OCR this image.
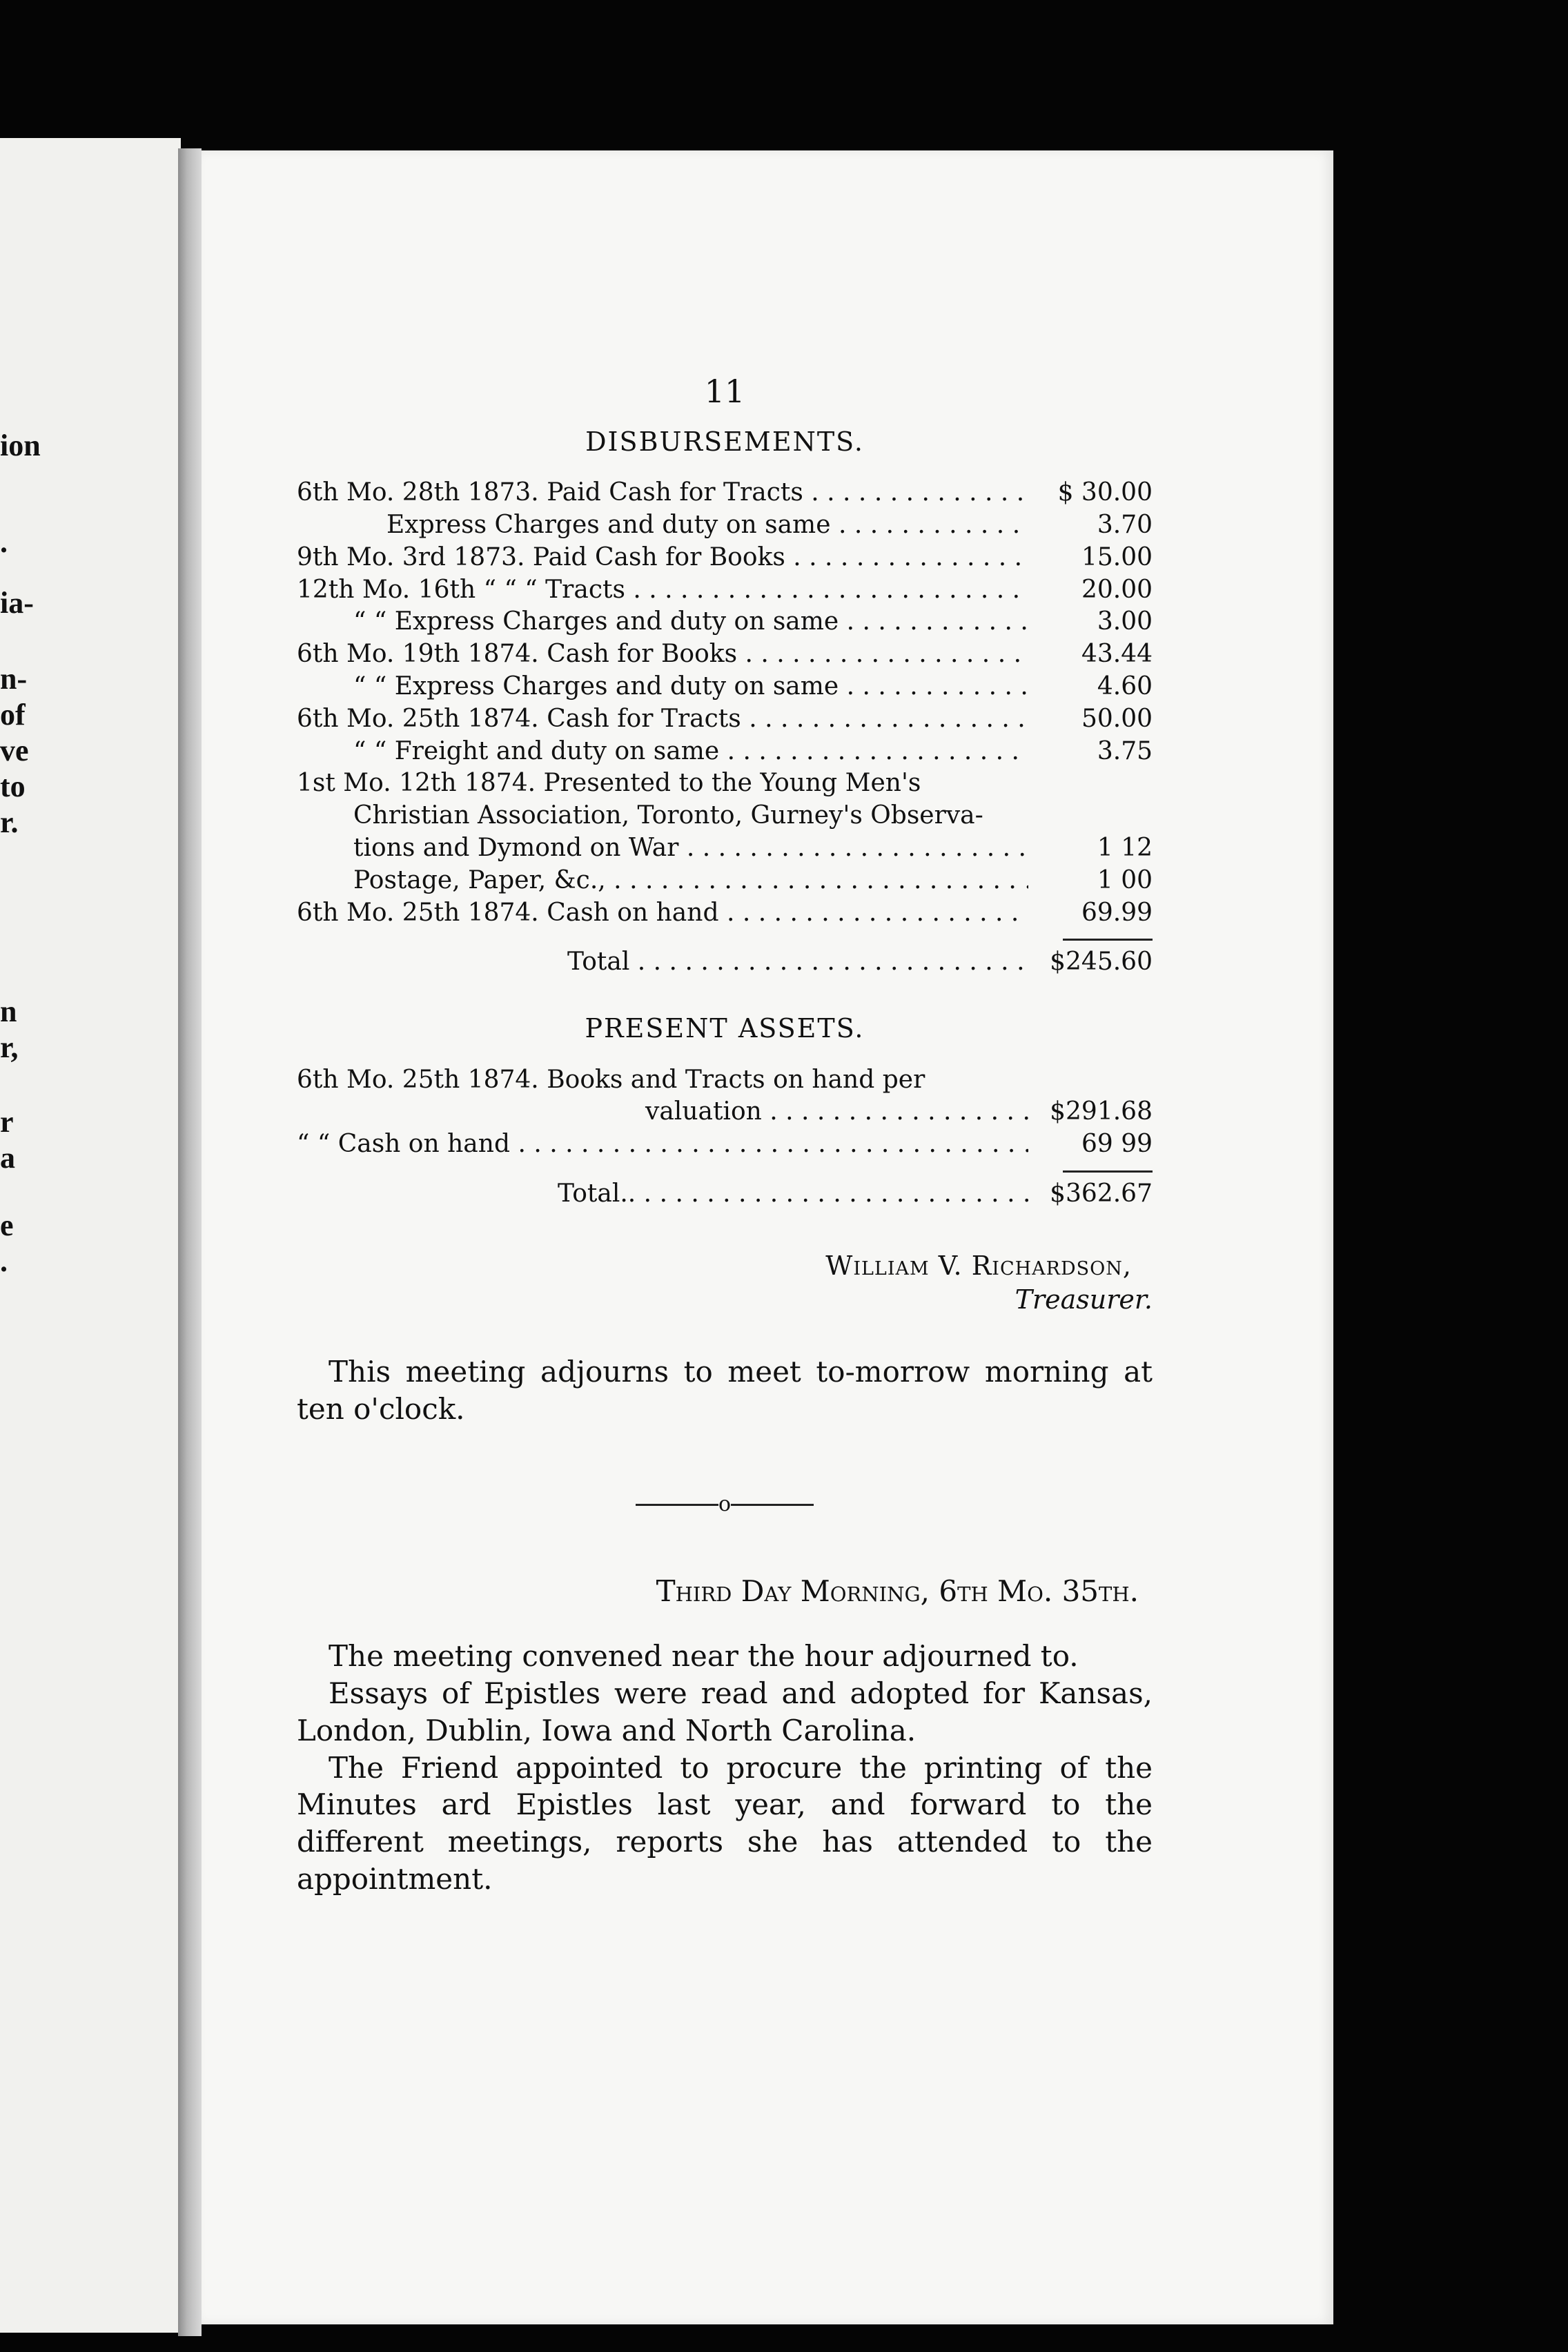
ion
.
ia-
n-
of
ve
to
r.
n
r,
r
a
e
.
11
DISBURSEMENTS.
6th Mo. 28th 1873. Paid Cash for Tracts . . .	$ 30.00
Express Charges and duty on same . . .	3.70
9th Mo. 3rd 1873. Paid Cash for Books . . .	15.00
12th Mo. 16th “ “ “ Tracts . . .	20.00
“ “ Express Charges and duty on same . . .	3.00
6th Mo. 19th 1874. Cash for Books . . .	43.44
“ “ Express Charges and duty on same . . .	4.60
6th Mo. 25th 1874. Cash for Tracts . . .	50.00
“ “ Freight and duty on same . . .	3.75
1st Mo. 12th 1874. Presented to the Young Men's
Christian Association, Toronto, Gurney's Observa-
tions and Dymond on War . . .	1 12
Postage, Paper, &c., . . .	1 00
6th Mo. 25th 1874. Cash on hand . . .	69.99
Total . . .	$245.60
PRESENT ASSETS.
6th Mo. 25th 1874. Books and Tracts on hand per
valuation . . .	$291.68
“ “ Cash on hand . . .	69 99
Total.. . . .	$362.67
William V. Richardson,
Treasurer.

This meeting adjourns to meet to-morrow morning at ten o'clock.

o
Third Day Morning, 6th Mo. 35th.

The meeting convened near the hour adjourned to.

Essays of Epistles were read and adopted for Kansas, London, Dublin, Iowa and North Carolina.

The Friend appointed to procure the printing of the Minutes ard Epistles last year, and forward to the different meetings, reports she has attended to the appointment.
